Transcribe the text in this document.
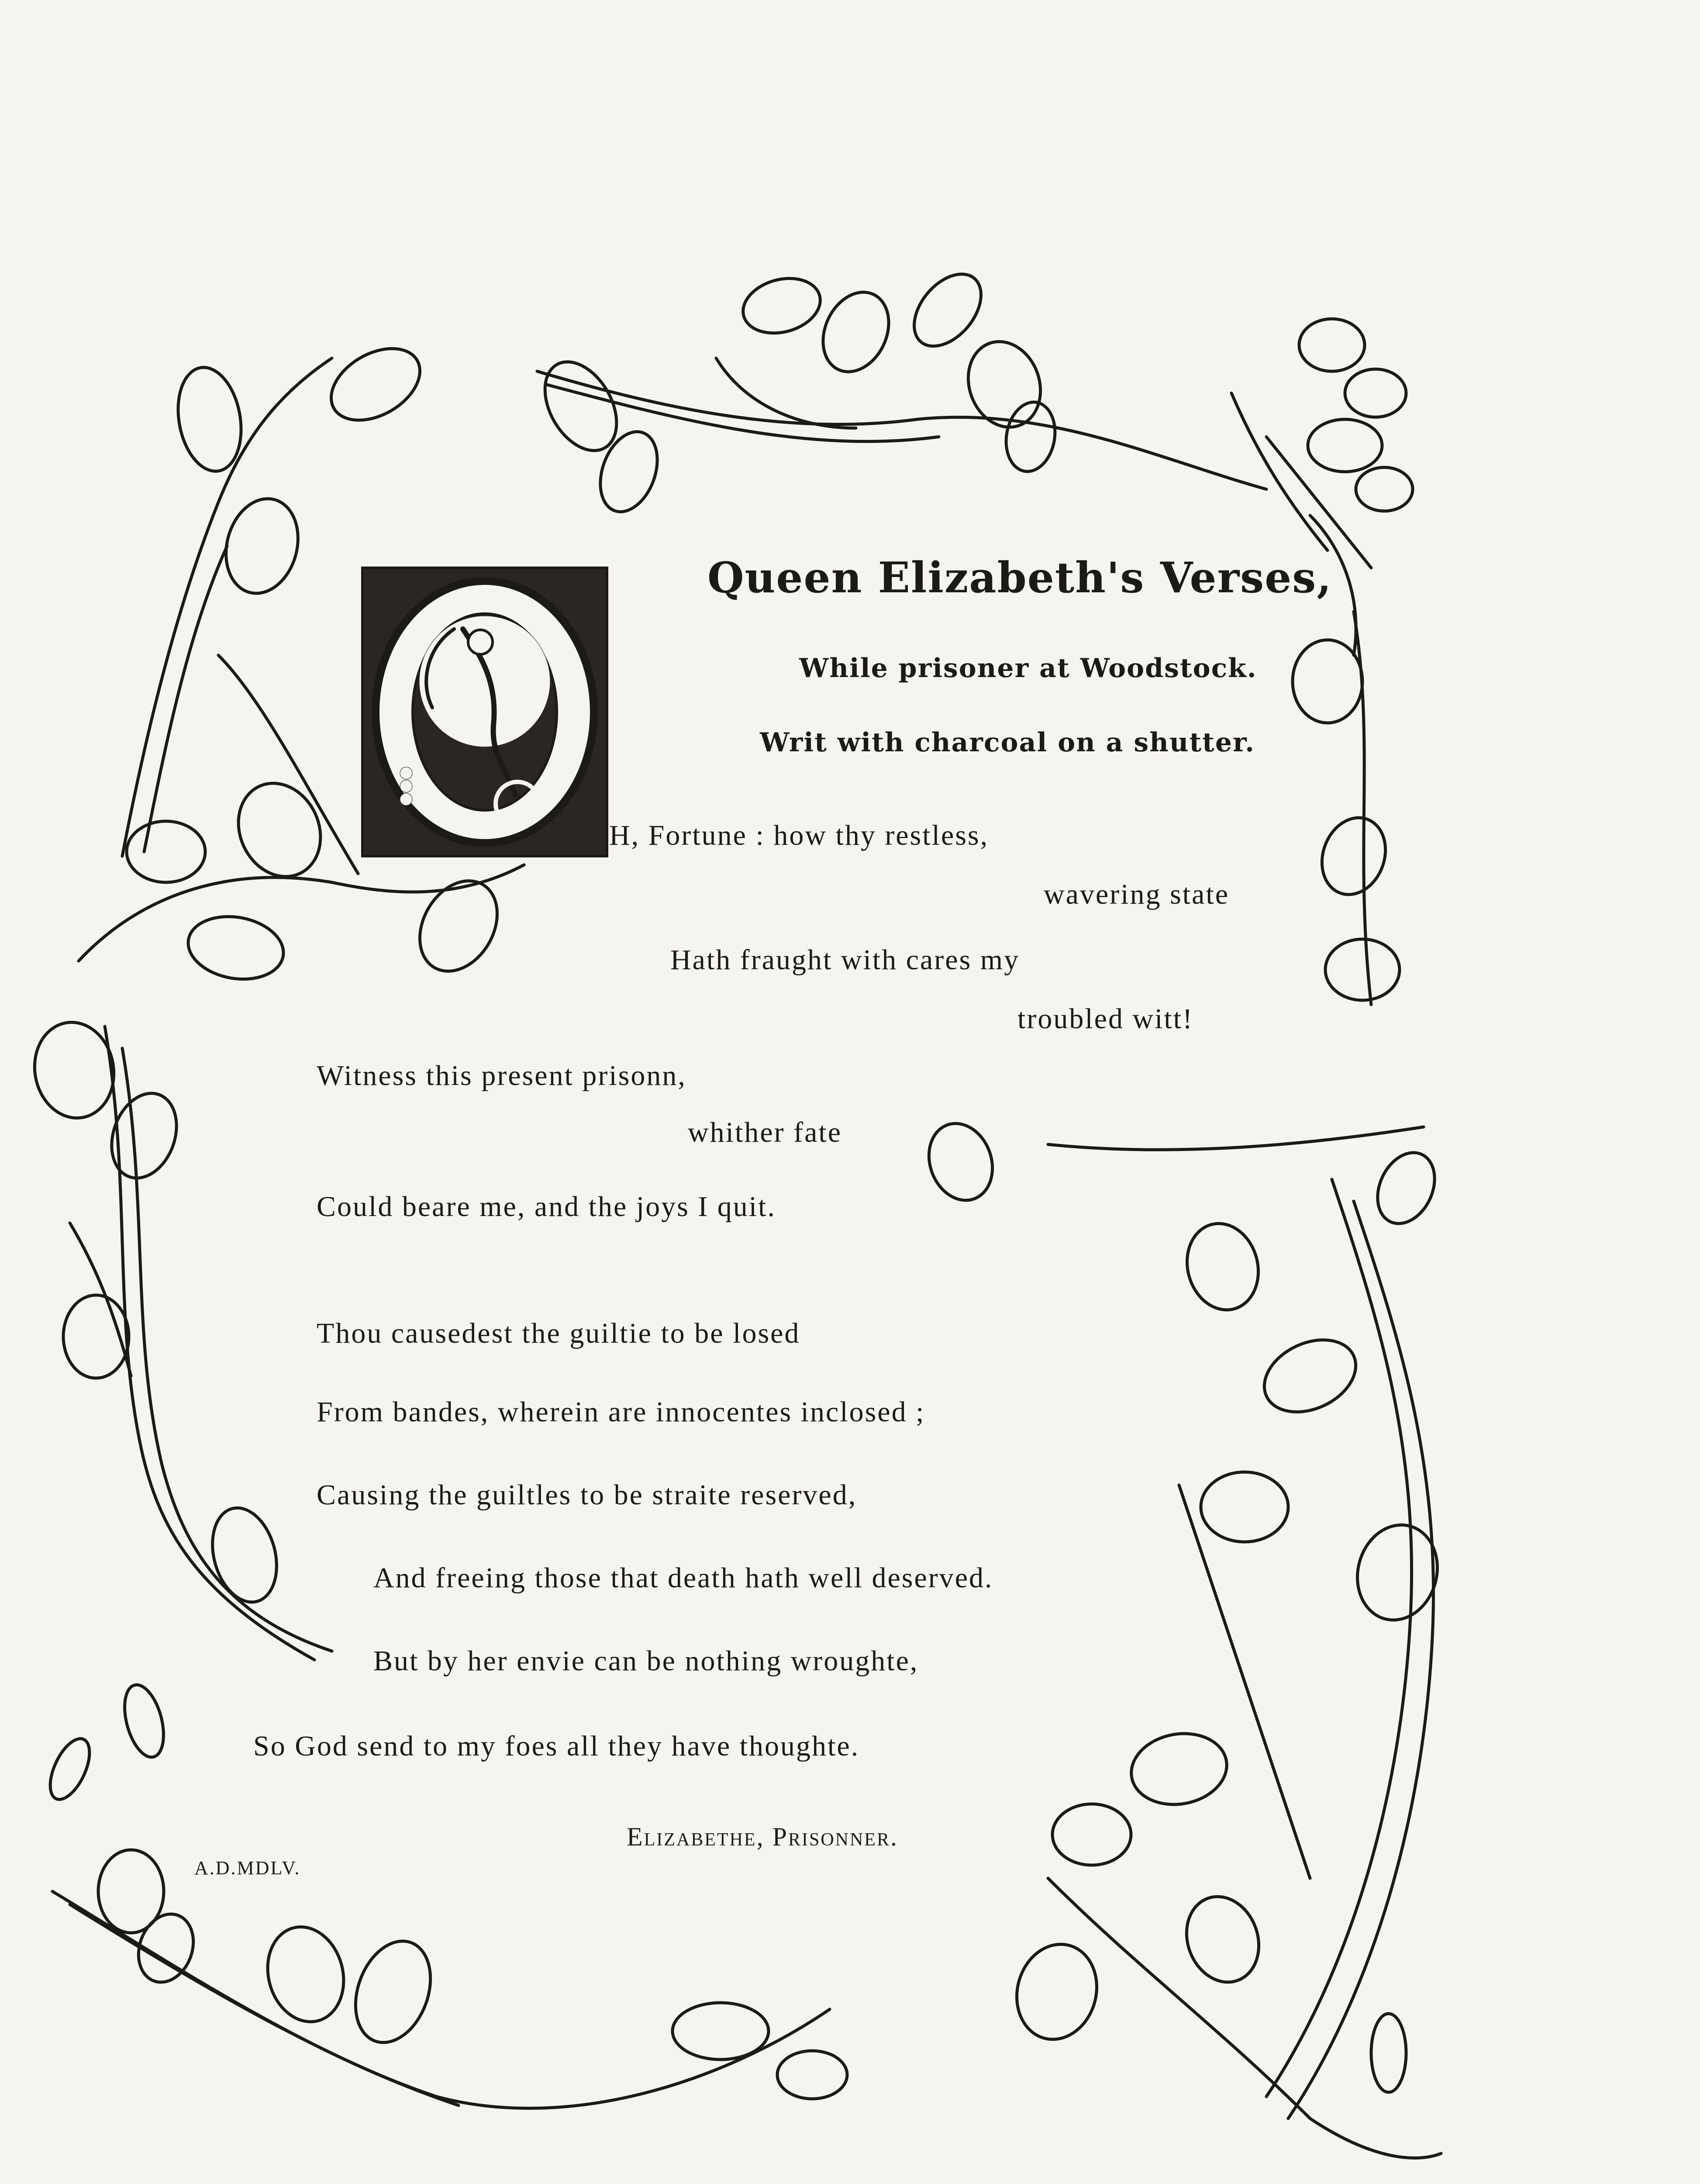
Queen Elizabeth's Verses,
While prisoner at Woodstock.
Writ with charcoal on a shutter.
H, Fortune : how thy restless,
wavering state
Hath fraught with cares my
troubled witt!
Witness this present prisonn,
whither fate
Could beare me, and the joys I quit.
Thou causedest the guiltie to be losed
From bandes, wherein are innocentes inclosed ;
Causing the guiltles to be straite reserved,
And freeing those that death hath well deserved.
But by her envie can be nothing wroughte,
So God send to my foes all they have thoughte.
Elizabethe, Prisonner.
A.D.MDLV.
